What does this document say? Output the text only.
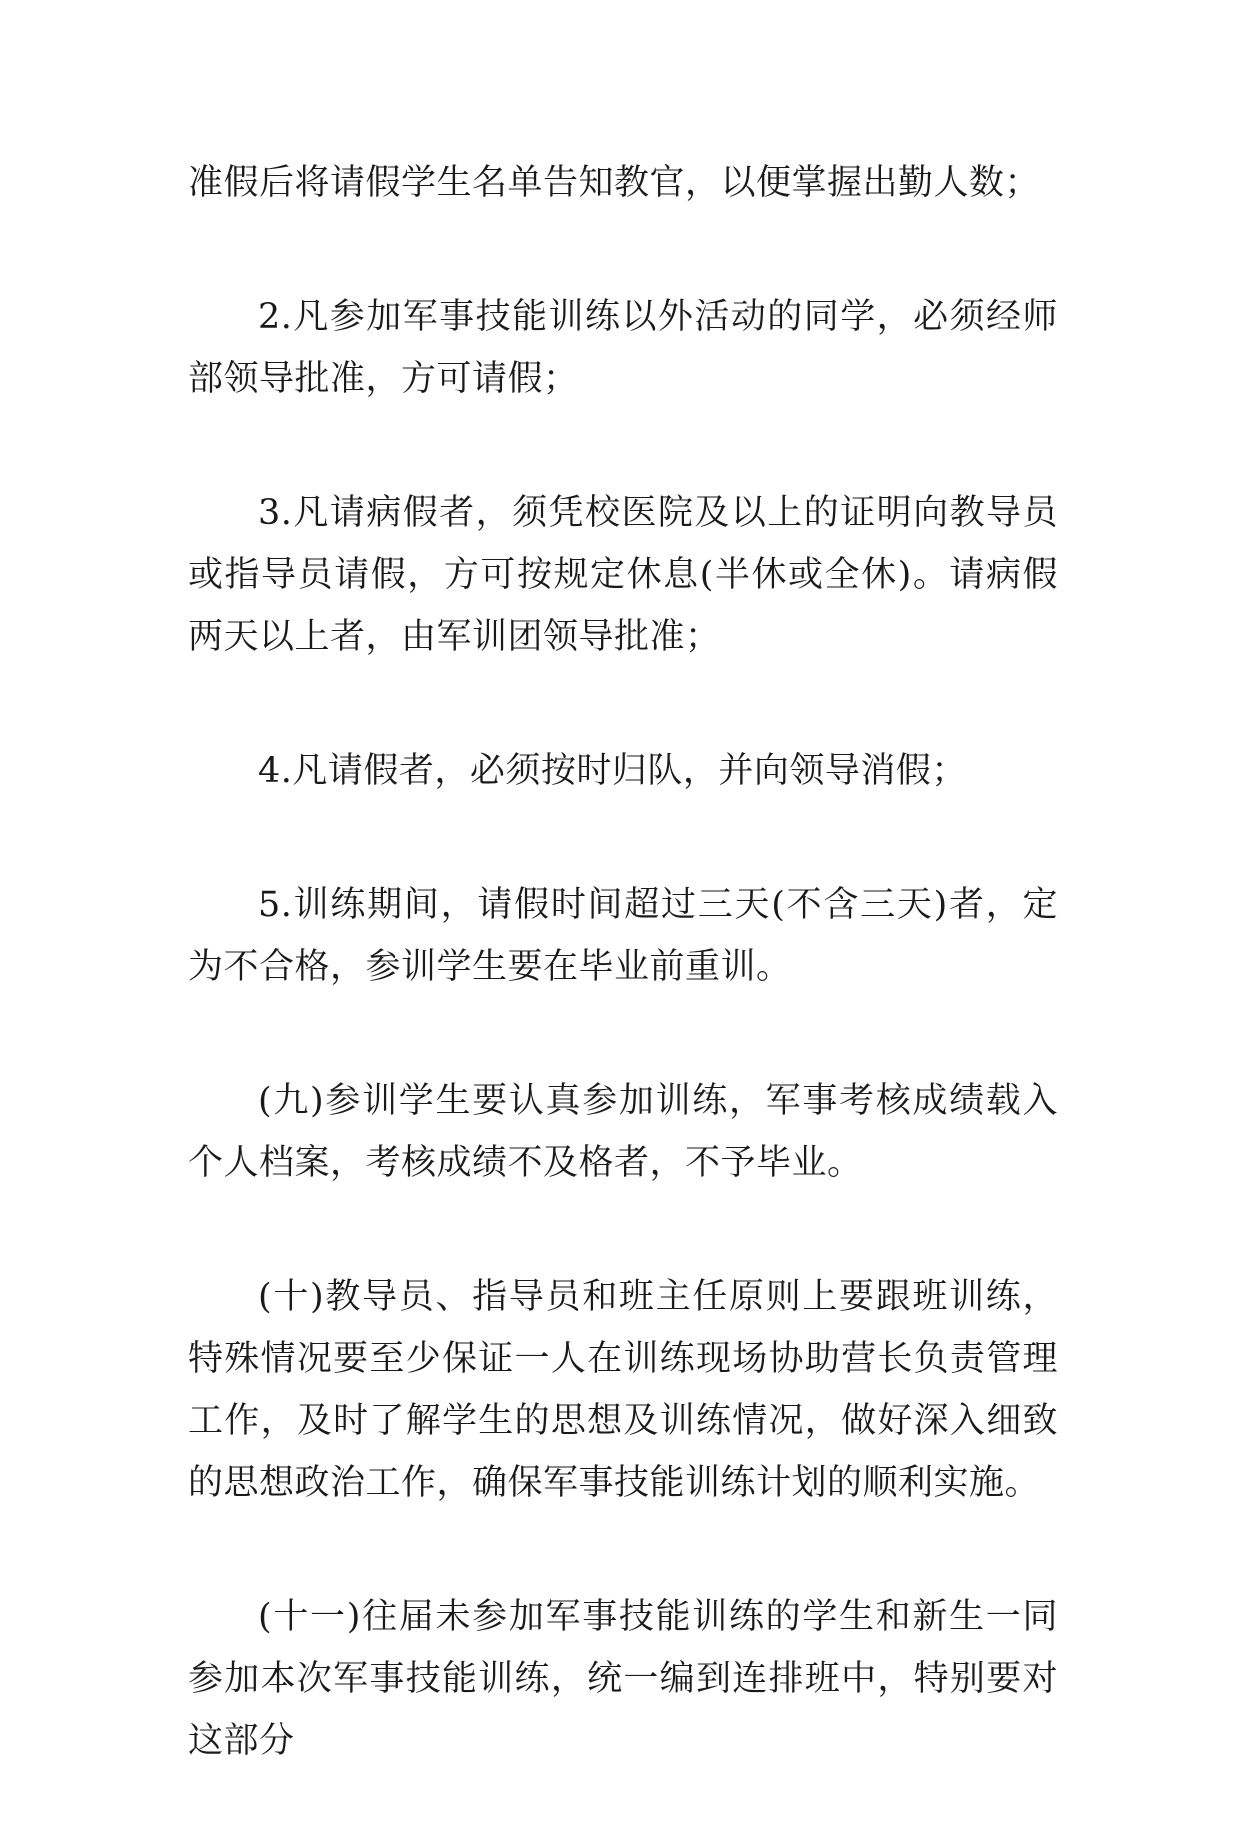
准假后将请假学生名单告知教官，以便掌握出勤人数；

2.凡参加军事技能训练以外活动的同学，必须经师部领导批准，方可请假；

3.凡请病假者，须凭校医院及以上的证明向教导员或指导员请假，方可按规定休息(半休或全休)。请病假两天以上者，由军训团领导批准；

4.凡请假者，必须按时归队，并向领导消假；

5.训练期间，请假时间超过三天(不含三天)者，定为不合格，参训学生要在毕业前重训。

(九)参训学生要认真参加训练，军事考核成绩载入个人档案，考核成绩不及格者，不予毕业。

(十)教导员、指导员和班主任原则上要跟班训练，特殊情况要至少保证一人在训练现场协助营长负责管理工作，及时了解学生的思想及训练情况，做好深入细致的思想政治工作，确保军事技能训练计划的顺利实施。

(十一)往届未参加军事技能训练的学生和新生一同参加本次军事技能训练，统一编到连排班中，特别要对这部分
